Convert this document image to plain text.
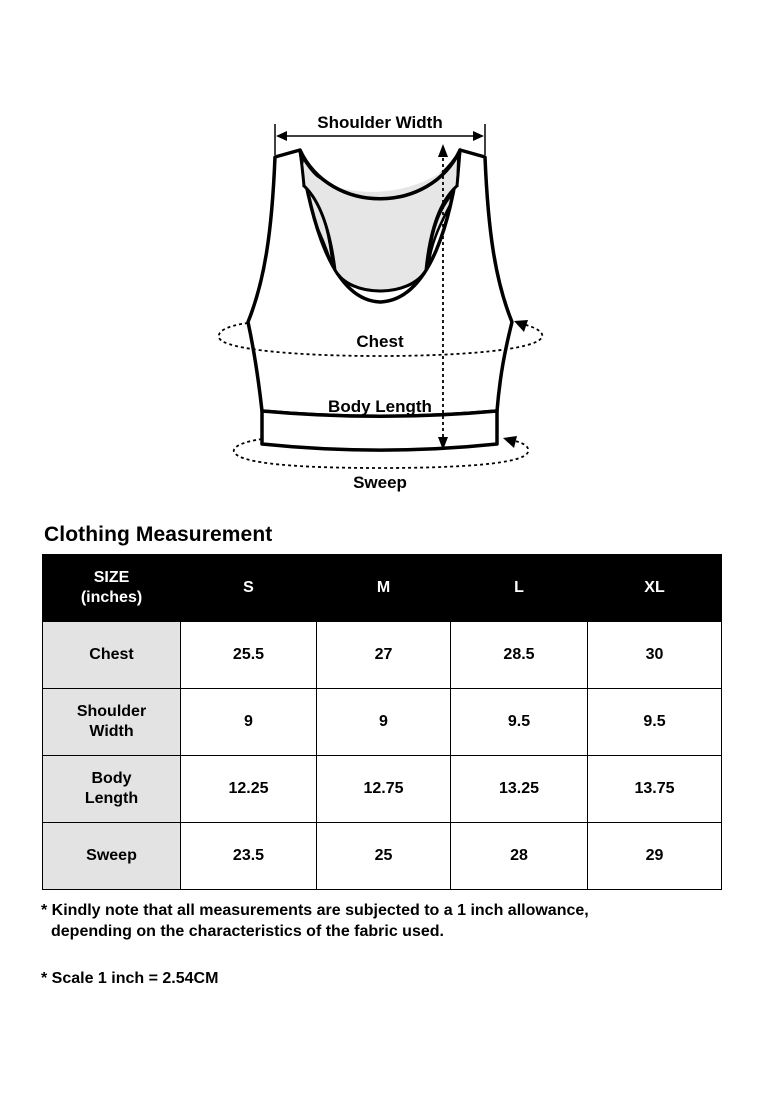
Shoulder Width
Body Length
Chest
Sweep
Clothing Measurement
SIZE
(inches)	S	M	L	XL
Chest	25.5	27	28.5	30
Shoulder
Width	9	9	9.5	9.5
Body
Length	12.25	12.75	13.25	13.75
Sweep	23.5	25	28	29

* Kindly note that all measurements are subjected to a 1 inch allowance,
depending on the characteristics of the fabric used.

* Scale 1 inch = 2.54CM
